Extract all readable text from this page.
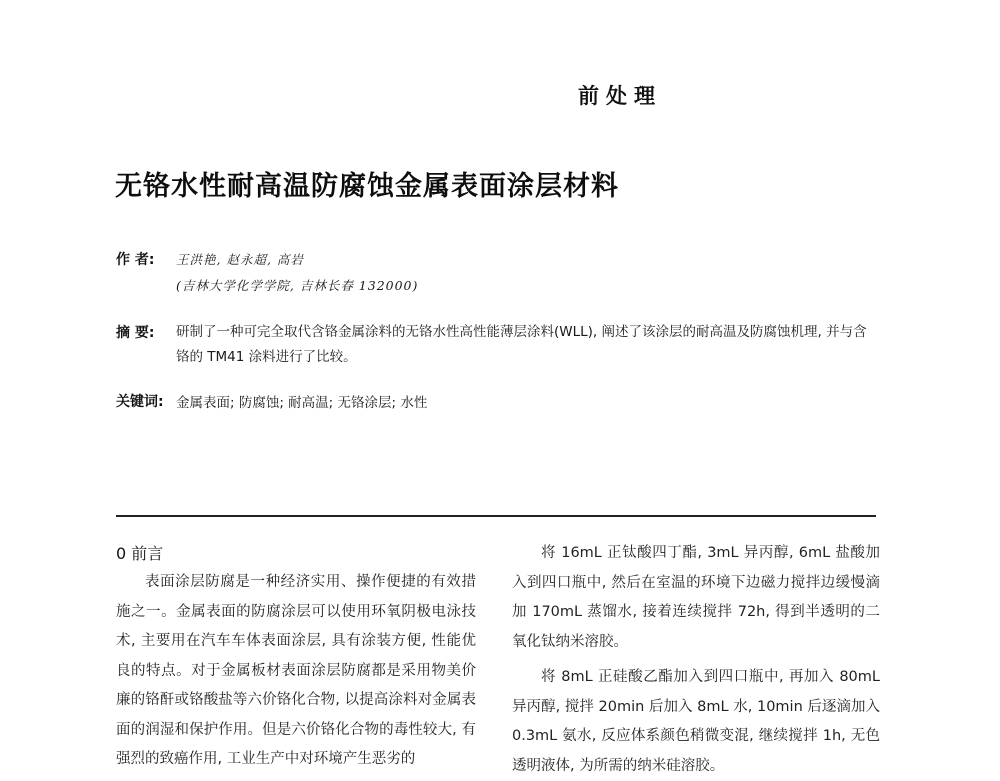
前处理
无铬水性耐高温防腐蚀金属表面涂层材料
作 者: 王洪艳, 赵永超, 高岩
(吉林大学化学学院, 吉林长春 132000)
摘 要: 研制了一种可完全取代含铬金属涂料的无铬水性高性能薄层涂料(WLL), 阐述了该涂层的耐高温及防腐蚀机理, 并与含铬的 TM41 涂料进行了比较。
关键词: 金属表面; 防腐蚀; 耐高温; 无铬涂层; 水性
0 前言

表面涂层防腐是一种经济实用、操作便捷的有效措施之一。金属表面的防腐涂层可以使用环氧阴极电泳技术, 主要用在汽车车体表面涂层, 具有涂装方便, 性能优良的特点。对于金属板材表面涂层防腐都是采用物美价廉的铬酐或铬酸盐等六价铬化合物, 以提高涂料对金属表面的润湿和保护作用。但是六价铬化合物的毒性较大, 有强烈的致癌作用, 工业生产中对环境产生恶劣的

将 16mL 正钛酸四丁酯, 3mL 异丙醇, 6mL 盐酸加入到四口瓶中, 然后在室温的环境下边磁力搅拌边缓慢滴加 170mL 蒸馏水, 接着连续搅拌 72h, 得到半透明的二氧化钛纳米溶胶。

将 8mL 正硅酸乙酯加入到四口瓶中, 再加入 80mL 异丙醇, 搅拌 20min 后加入 8mL 水, 10min 后逐滴加入 0.3mL 氨水, 反应体系颜色稍微变混, 继续搅拌 1h, 无色透明液体, 为所需的纳米硅溶胶。
